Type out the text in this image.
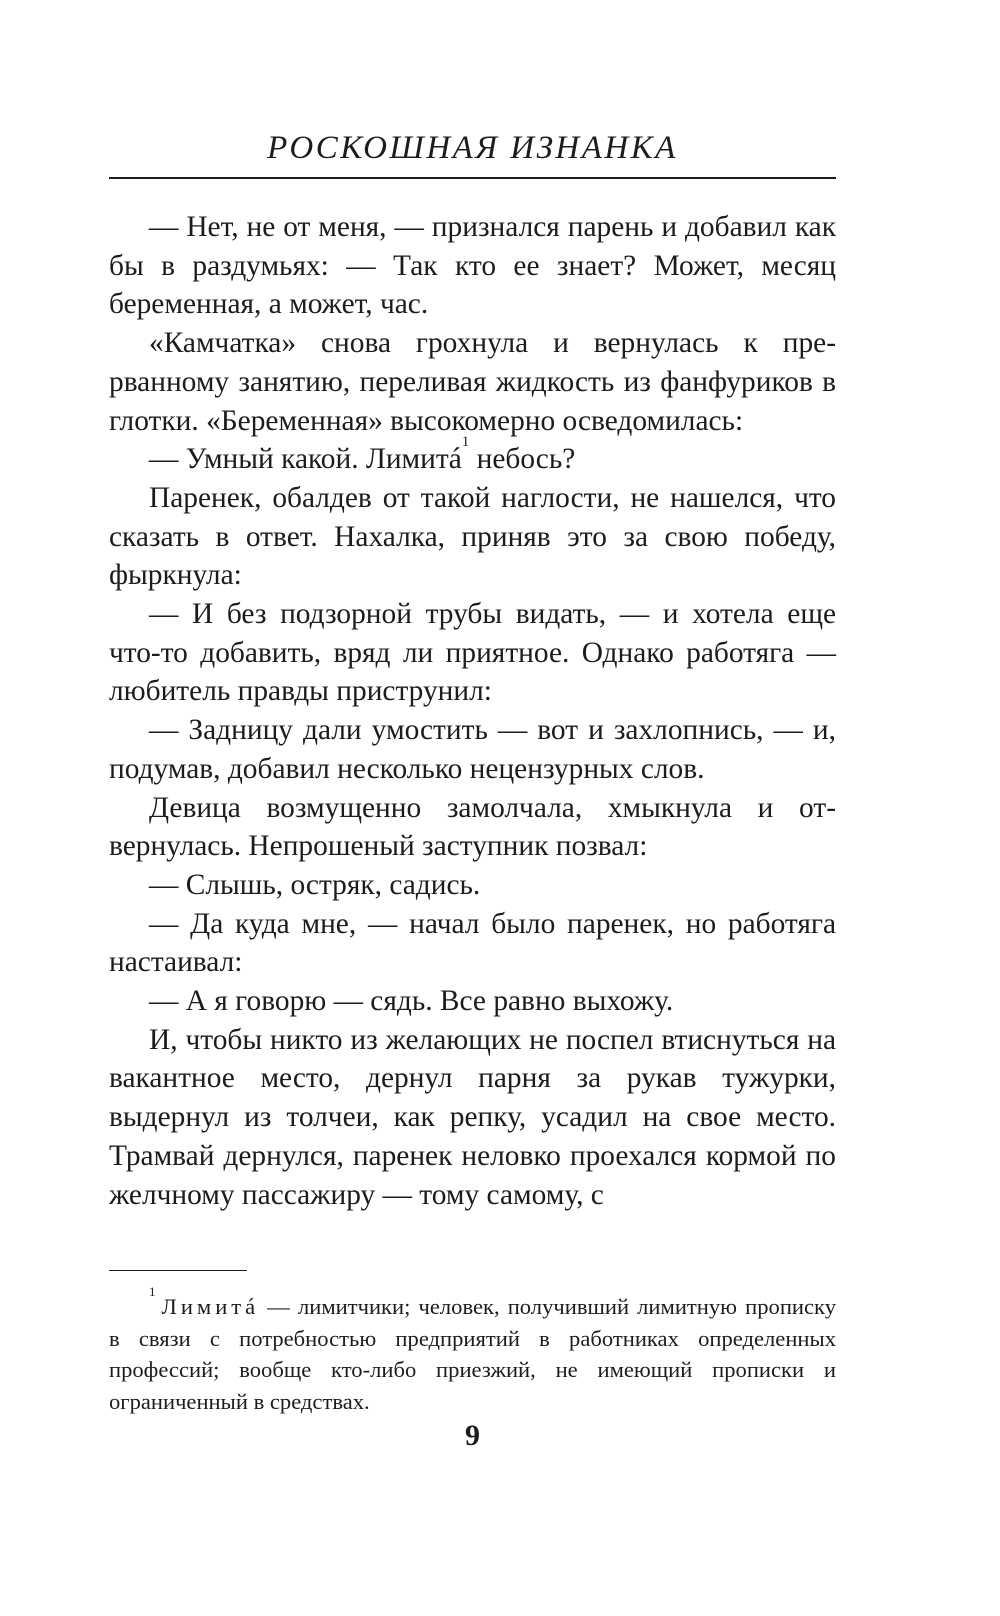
РОСКОШНАЯ ИЗНАНКА

— Нет, не от меня, — признался парень и добавил как бы в раздумьях: — Так кто ее знает? Может, месяц беременная, а может, час.

«Камчатка» снова грохнула и вернулась к прерванному занятию, переливая жидкость из фанфуриков в глотки. «Беременная» высокомерно осведомилась:

— Умный какой. Лимитá$^1$ небось?

Паренек, обалдев от такой наглости, не нашелся, что сказать в ответ. Нахалка, приняв это за свою победу, фыркнула:

— И без подзорной трубы видать, — и хотела еще что-то добавить, вряд ли приятное. Однако работяга — любитель правды приструнил:

— Задницу дали умостить — вот и захлопнись, — и, подумав, добавил несколько нецензурных слов.

Девица возмущенно замолчала, хмыкнула и отвернулась. Непрошеный заступник позвал:

— Слышь, остряк, садись.

— Да куда мне, — начал было паренек, но работяга настаивал:

— А я говорю — сядь. Все равно выхожу.

И, чтобы никто из желающих не поспел втиснуться на вакантное место, дернул парня за рукав тужурки, выдернул из толчеи, как репку, усадил на свое место. Трамвай дернулся, паренек неловко проехался кормой по желчному пассажиру — тому самому, с

$^1$Лимитá — лимитчики; человек, получивший лимитную прописку в связи с потребностью предприятий в работниках определенных профессий; вообще кто-либо приезжий, не имеющий прописки и ограниченный в средствах.
9
